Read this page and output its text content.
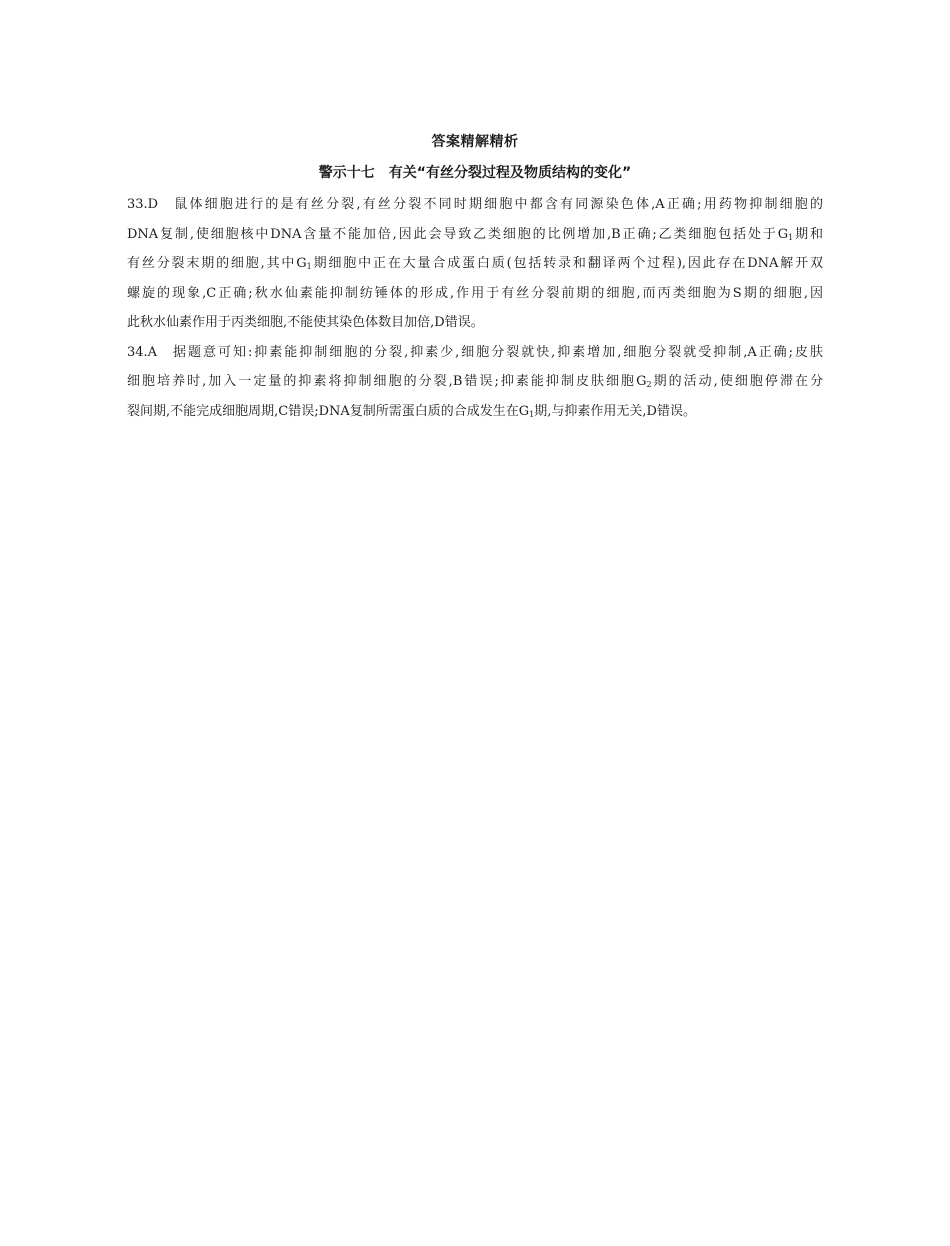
答案精解精析
警示十七 有关“有丝分裂过程及物质结构的变化”
33.D 鼠体细胞进行的是有丝分裂,有丝分裂不同时期细胞中都含有同源染色体,A正确;用药物抑制细胞的
DNA复制,使细胞核中DNA含量不能加倍,因此会导致乙类细胞的比例增加,B正确;乙类细胞包括处于$G_1$期和
有丝分裂末期的细胞,其中$G_1$期细胞中正在大量合成蛋白质(包括转录和翻译两个过程),因此存在DNA解开双
螺旋的现象,C正确;秋水仙素能抑制纺锤体的形成,作用于有丝分裂前期的细胞,而丙类细胞为S期的细胞,因
此秋水仙素作用于丙类细胞,不能使其染色体数目加倍,D错误。
34.A 据题意可知:抑素能抑制细胞的分裂,抑素少,细胞分裂就快,抑素增加,细胞分裂就受抑制,A正确;皮肤
细胞培养时,加入一定量的抑素将抑制细胞的分裂,B错误;抑素能抑制皮肤细胞$G_2$期的活动,使细胞停滞在分
裂间期,不能完成细胞周期,C错误;DNA复制所需蛋白质的合成发生在$G_1$期,与抑素作用无关,D错误。
